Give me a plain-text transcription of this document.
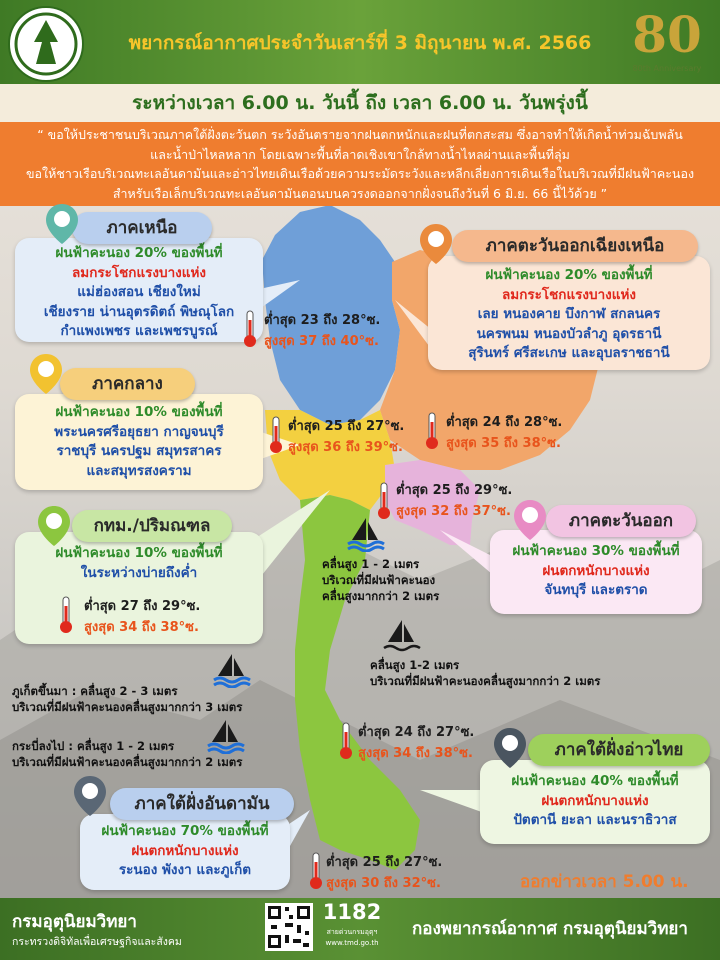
พยากรณ์อากาศประจำวันเสาร์ที่ 3 มิถุนายน พ.ศ. 2566 80
80th Anniversary
ระหว่างเวลา 6.00 น. วันนี้ ถึง เวลา 6.00 น. วันพรุ่งนี้
“ ขอให้ประชาชนบริเวณภาคใต้ฝั่งตะวันตก ระวังอันตรายจากฝนตกหนักและฝนที่ตกสะสม ซึ่งอาจทำให้เกิดน้ำท่วมฉับพลัน
และน้ำป่าไหลหลาก โดยเฉพาะพื้นที่ลาดเชิงเขาใกล้ทางน้ำไหลผ่านและพื้นที่ลุ่ม
ขอให้ชาวเรือบริเวณทะเลอันดามันและอ่าวไทยเดินเรือด้วยความระมัดระวังและหลีกเลี่ยงการเดินเรือในบริเวณที่มีฝนฟ้าคะนอง
สำหรับเรือเล็กบริเวณทะเลอันดามันตอนบนควรงดออกจากฝั่งจนถึงวันที่ 6 มิ.ย. 66 นี้ไว้ด้วย ”
ภาคเหนือ
ฝนฟ้าคะนอง 20% ของพื้นที่
ลมกระโชกแรงบางแห่ง
แม่ฮ่องสอน เชียงใหม่
เชียงราย น่านอุตรดิตถ์ พิษณุโลก
กำแพงเพชร และเพชรบูรณ์
ต่ำสุด 23 ถึง 28°ซ.
สูงสุด 37 ถึง 40°ซ.
ภาคตะวันออกเฉียงเหนือ
ฝนฟ้าคะนอง 20% ของพื้นที่
ลมกระโชกแรงบางแห่ง
เลย หนองคาย บึงกาฬ สกลนคร
นครพนม หนองบัวลำภู อุดรธานี
สุรินทร์ ศรีสะเกษ และอุบลราชธานี
ต่ำสุด 24 ถึง 28°ซ.
สูงสุด 35 ถึง 38°ซ.
ภาคกลาง
ฝนฟ้าคะนอง 10% ของพื้นที่
พระนครศรีอยุธยา กาญจนบุรี
ราชบุรี นครปฐม สมุทรสาคร
และสมุทรสงคราม
ต่ำสุด 25 ถึง 27°ซ.
สูงสุด 36 ถึง 39°ซ.
กทม./ปริมณฑล
ฝนฟ้าคะนอง 10% ของพื้นที่
ในระหว่างบ่ายถึงค่ำ
ต่ำสุด 27 ถึง 29°ซ.
สูงสุด 34 ถึง 38°ซ.
ต่ำสุด 25 ถึง 29°ซ.
สูงสุด 32 ถึง 37°ซ.	ภาคตะวันออก
ฝนฟ้าคะนอง 30% ของพื้นที่
ฝนตกหนักบางแห่ง
จันทบุรี และตราด
คลื่นสูง 1 - 2 เมตร
บริเวณที่มีฝนฟ้าคะนอง
คลื่นสูงมากกว่า 2 เมตร
คลื่นสูง 1-2 เมตร
บริเวณที่มีฝนฟ้าคะนองคลื่นสูงมากกว่า 2 เมตร
ภูเก็ตขึ้นมา : คลื่นสูง 2 - 3 เมตร
บริเวณที่มีฝนฟ้าคะนองคลื่นสูงมากกว่า 3 เมตร
กระบี่ลงไป : คลื่นสูง 1 - 2 เมตร
บริเวณที่มีฝนฟ้าคะนองคลื่นสูงมากกว่า 2 เมตร
ต่ำสุด 24 ถึง 27°ซ.
สูงสุด 34 ถึง 38°ซ.
ต่ำสุด 25 ถึง 27°ซ.
สูงสุด 30 ถึง 32°ซ.
ภาคใต้ฝั่งอ่าวไทย
ฝนฟ้าคะนอง 40% ของพื้นที่
ฝนตกหนักบางแห่ง
ปัตตานี ยะลา และนราธิวาส
ภาคใต้ฝั่งอันดามัน
ฝนฟ้าคะนอง 70% ของพื้นที่
ฝนตกหนักบางแห่ง
ระนอง พังงา และภูเก็ต
ออกข่าวเวลา 5.00 น.
กรมอุตุนิยมวิทยา
กระทรวงดิจิทัลเพื่อเศรษฐกิจและสังคม
1182
สายด่วนกรมอุตุฯ
www.tmd.go.th
กองพยากรณ์อากาศ กรมอุตุนิยมวิทยา
